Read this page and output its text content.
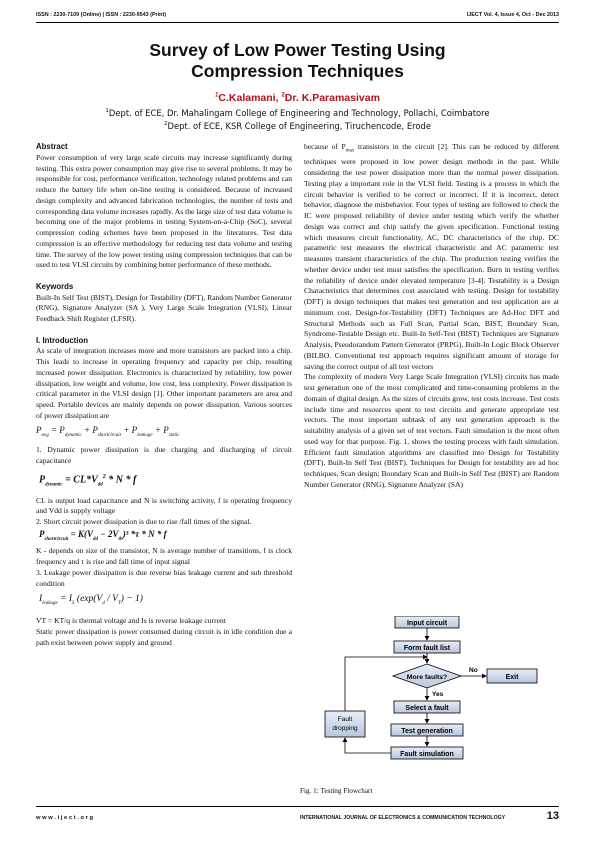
ISSN : 2230-7109 (Online) | ISSN : 2230-9543 (Print)	IJECT Vol. 4, Issue 4, Oct - Dec 2013
Survey of Low Power Testing Using
Compression Techniques
$^1$C.Kalamani, $^2$Dr. K.Paramasivam
$^1$Dept. of ECE, Dr. Mahalingam College of Engineering and Technology, Pollachi, Coimbatore
$^2$Dept. of ECE, KSR College of Engineering, Tiruchencode, Erode

Abstract

Power consumption of very large scale circuits may increase significantly during testing. This extra power consumption may give rise to several problems. It may be responsible for cost, performance verification, technology related problems and can reduce the battery life when on-line testing is considered. Because of increased design complexity and advanced fabrication technologies, the number of tests and corresponding data volume increases rapidly. As the large size of test data volume is becoming one of the major problems in testing System-on-a-Chip (SoC), several compression coding schemes have been proposed in the literatures. Test data compression is an effective methodology for reducing test data volume and testing time. The survey of the low power testing using compression techniques that can be used to test VLSI circuits by combining better performance of these methods.

Keywords

Built-In Self Test (BIST), Design for Testability (DFT), Random Number Generator (RNG), Signature Analyzer (SA ), Very Large Scale Integration (VLSI), Linear Feedback Shift Register (LFSR).

I. Introduction

As scale of integration increases more and more transistors are packed into a chip. This leads to increase in operating frequency and capacity per chip, resulting increased power dissipation. Electronics is characterized by reliability, low power dissipation, low weight and volume, low cost, less complexity. Power dissipation is critical parameter in the VLSI design [1]. Other important parameters are area and speed. Portable devices are mainly depends on power dissipation. Various sources of power dissipation are

$P_{avg} = P_{dynamic} + P_{shortcircuit} + P_{leakage} + P_{static}$

1. Dynamic power dissipation is due charging and discharging of circuit capacitance

$P_{dynamic} = CL*V_{dd}^2 * N * f$

CL is output load capacitance and N is switching activity, f is operating frequency and Vdd is supply voltage

2. Short circuit power dissipation is due to rise /fall times of the signal.

$P_{shortcircuit} = K(V_{dd} - 2V_{th})^3$ *τ * N * f

K - depends on size of the transistor, N is average number of transitions, f is clock frequency and τ is rise and fall time of input signal

3. Leakage power dissipation is due reverse bias leakage current and sub threshold condition

$I_{leakage} = I_S$ $(\exp(V_d / V_T) - 1)$

VT = KT/q is thermal voltage and Is is reverse leakage current

Static power dissipation is power consumed during circuit is in idle condition due a path exist between power supply and ground

because of $P_{max}$ transistors in the circuit [2]. This can be reduced by different techniques were proposed in low power design methods in the past. While considering the test power dissipation more than the normal power dissipation. Testing play a important role in the VLSI field. Testing is a process in which the circuit behavior is verified to be correct or incorrect. If it is incorrect, detect behavior, diagnose the misbehavior. Four types of testing are followed to check the IC were proposed reliability of device under testing which verify the whether design was correct and chip satisfy the given specification. Functional testing which measures circuit functionality, AC, DC characteristics of the chip. DC parametric test measures the electrical characteristic and AC parametric test measures transient characteristics of the chip. The production testing verifies the whether device under test must satisfies the specification. Burn in testing verifies the reliability of device under elevated temperature [3-4]. Testability is a Design Characteristics that determines cost associated with testing. Design for testability (DFT) is design techniques that makes test generation and test application are at minimum cost. Design-for-Testability (DFT) Techniques are Ad-Hoc DFT and Structural Methods such as Full Scan, Partial Scan, BIST, Boundary Scan, Syndrome-Testable Design etc. Built-In Self-Test (BIST) Techniques are Signature Analysis, Pseudorandom Pattern Generator (PRPG), Built-In Logic Block Observer (BILBO. Conventional test approach requires significant amount of storage for saving the correct output of all test vectors

The complexity of modern Very Large Scale Integration (VLSI) circuits has made test generation one of the most complicated and time-consuming problems in the domain of digital design. As the sizes of circuits grow, test costs increase. Test costs include time and resources spent to test circuits and generate appropriate test vectors. The most important subtask of any test generation approach is the suitability analysis of a given set of test vectors. Fault simulation is the most often used way for that purpose. Fig. 1, shows the testing process with fault simulation. Efficient fault simulation algorithms are classified into Design for Testability (DFT), Built-In Self Test (BIST). Techniques for Design for testability are ad hoc techniques, Scan design; Boundary Scan and Built-in Self Test (BIST) are Random Number Generator (RNG), Signature Analyzer (SA)

Input circuit
Form fault list
More faults?
No
Exit
Yes
Select a fault
Test generation
Fault simulation
Fault
dropping
Fig. 1: Testing Flowchart
w w w . i j e c t . o r g	INTERNATIONAL JOURNAL OF ELECTRONICS & COMMUNICATION TECHNOLOGY	13
